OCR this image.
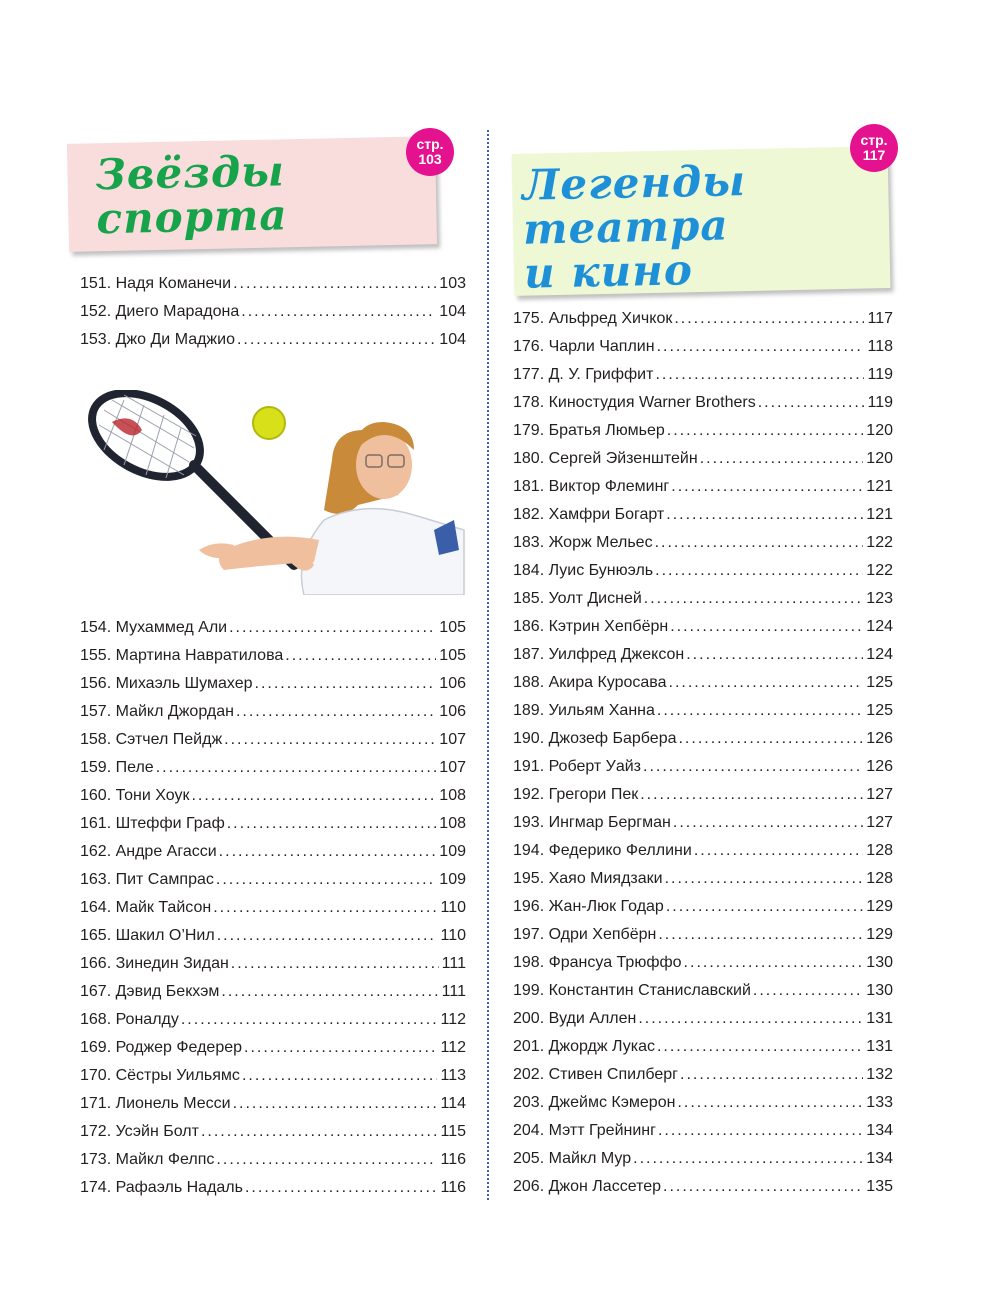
Звёзды
спорта

стр.
103 Легенды
театра
и кино

стр.
117
151. Надя Команечи .....	103
152. Диего Марадона .....	104
153. Джо Ди Маджио .....	104
154. Мухаммед Али .....	105
155. Мартина Навратилова .....	105
156. Михаэль Шумахер .....	106
157. Майкл Джордан .....	106
158. Сэтчел Пейдж .....	107
159. Пеле .....	107
160. Тони Хоук .....	108
161. Штеффи Граф .....	108
162. Андре Агасси .....	109
163. Пит Сампрас .....	109
164. Майк Тайсон .....	110
165. Шакил О’Нил .....	110
166. Зинедин Зидан .....	111
167. Дэвид Бекхэм .....	111
168. Роналду .....	112
169. Роджер Федерер .....	112
170. Сёстры Уильямс .....	113
171. Лионель Месси .....	114
172. Усэйн Болт .....	115
173. Майкл Фелпс .....	116
174. Рафаэль Надаль .....	116
175. Альфред Хичкок .....	117
176. Чарли Чаплин .....	118
177. Д. У. Гриффит .....	119
178. Киностудия Warner Brothers .....	119
179. Братья Люмьер .....	120
180. Сергей Эйзенштейн .....	120
181. Виктор Флеминг .....	121
182. Хамфри Богарт .....	121
183. Жорж Мельес .....	122
184. Луис Бунюэль .....	122
185. Уолт Дисней .....	123
186. Кэтрин Хепбёрн .....	124
187. Уилфред Джексон .....	124
188. Акира Куросава .....	125
189. Уильям Ханна .....	125
190. Джозеф Барбера .....	126
191. Роберт Уайз .....	126
192. Грегори Пек .....	127
193. Ингмар Бергман .....	127
194. Федерико Феллини .....	128
195. Хаяо Миядзаки .....	128
196. Жан-Люк Годар .....	129
197. Одри Хепбёрн .....	129
198. Франсуа Трюффо .....	130
199. Константин Станиславский .....	130
200. Вуди Аллен .....	131
201. Джордж Лукас .....	131
202. Стивен Спилберг .....	132
203. Джеймс Кэмерон .....	133
204. Мэтт Грейнинг .....	134
205. Майкл Мур .....	134
206. Джон Лассетер .....	135
